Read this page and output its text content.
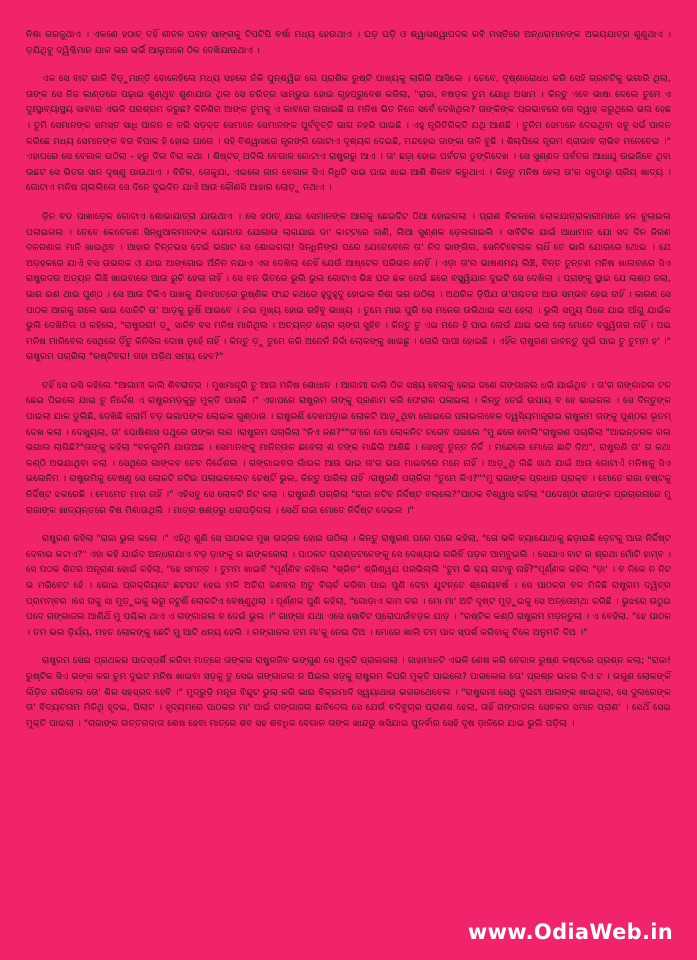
ନିଶା ଗରଜୁଥାଏ । ଏକଣେ ହଠାତ୍ ତହିଁ ଶୀତଳ ପବନ ସାଙ୍ଗକୁ ଟିପଟିପି ବର୍ଷା ମଧ୍ୟ ହେଉଥାଏ । ଘଡ଼ ଘଡ଼ି ଓ ଶ୍ୱାସଶ୍ୱାପଦକ ରବି ମସ୍ତିରେ ଅନ୍ଧରାମାନଙ୍କ ଅଭୟଯାତ୍ର ଶୁଣୁଥାଏ । ଡ଼ଯିଥିବୁ ଦ୍ୱିଗ୍ଦିମାନ ଯାକ ଭର ଭର୍ଭି ଆଲୁଅରେ ଠିକ ଦେଖିଯାଉଥାଏ ।

ଏକ ସେ ବାଟ ଗାଳି ବିଡ଼ୁମାନ୍ତି ବୋଳେହିଲେ ମଧ୍ୟ ସହରେ ନଁକି ପୁନ୍ଶ୍ୱିର ଲେ ପ୍ରାଶିକ ରୁଷ୍ଟି ପାଖ୍ୟକୁ ଲାଗିରି ଆସିଲେ । ତେବେ, ଦୃଷ୍ଣାରୋଧଧ କରି ସେହି ଗ୍ରବଟିକୁ ଭଗାରି ଥିଲା, ତାଙ୍କ ସେ ନିଜ କାଣ୍ଡରେ ପଢ଼ାଇ ଶୁଣ୍ଥୁବ ଶୁଣାଯାଉ ଥିଲ ସେ ଚରିତ୍ର ସାମ୍ଭୁଇ ହୋଇ ଗୃହପ୍ରୁବେଶ କରିଲା, "ରାଜା, ବଷଡ଼କ ତୁମ ଯୋଧି ଅସାମ । କିନ୍ତୁ ଏବେ ଭାଷା ଦେଲେ ତୁମେ ଏ ଦୁଃସ୍ଥାବ୍ୟାସ୍ଥ୍ୟ ସାବରେ ଏଭଳି ପରଶ୍ରମ କରୁଛ? କିନିଶିର ଆଙ୍କ ତୁମକୁ ଏ କାବରେ ଲଗାଇଛି ନା ମନିଷ ଭିତ ନିଜେ ସର୍ବେ ଦେଖିଥିଲ? ତାଙ୍କିଙ୍କ ପ୍ରଭାବରେ ତୋ ଦ୍ୱାହ କରୁଥିଲେ ଭଲ ହେଛ । ତୁମି ସେମାନଙ୍କ ସମସ୍ତ ସାଧି ପାଳନ ନ କରି ସଡ଼କ୍ତ ସେମାନେ ସେମାନଙ୍କ ପୁର୍ବବୃତ୍ତି ଭାଗ ନହରି ପାଇଛି । ଏହୁ ନ୍ତ୍ରିତିରିକ୍ତି ଯଥି ଆଣଛି । ତୁନିମ ସେମାନେ ଦେଇଥିବା ସବୁ ସର୍ଭ ପାଳନ କରିଛେ ମଧ୍ୟ ସେମାନଙ୍କ ବର ବିପାକ ହି ହୋଇ ପାରେ । ସହି ବିଶ୍ୱାସରେ ନ୍ତ୍ରଙ୍ଗି ଗୋଟାଏ ଦୃଶ୍ୟକ ଦେଇଛି, ମନ୍ଦହେଇ ଡାଙ୍କା ତାଳି ବୁଛି । ଶିଲ୍ପିକେ ନ୍ତ୍ରମ ଶ୍ରାଭାବ ଲାଭିବ ମନେବେଇ ।" ଏହାପରେ ସେ ବେଗାଳ ଉଠିଲା - ହରୁ ଦିଲ ବିରା କଥା । ଶିଷ୍ଟତ୍ ଅଦିଲି ବେଗାଳ ଗୋଟାଏ ରାଷ୍ଟ୍ରରୁ ଆଏ । ତା' ଛଡ଼ା ହୋଇ ପର୍ବତର ତୁଙ୍ଗିଦେଖ । ସେ ସୁଣ୍ଣଦ ପର୍ବତର ଆଧାଯୁ ଉଇଜିବେ ଥିବା ଉଛଟ ସେ ଭିତର ସାନ ଦୃଷ୍ଣୁ ପାଉଥାଏ । ବିତିଳ, ତୋକୁଯା, ଏଇଲେ ଜାନ ବେଗାଳ ସିଏ ନିଧିଟି ସାଇ ଘାଇ ଖାଇ ଆଣି ଶିକାବ କରୁଥାଏ । କିନ୍ତୁ ମନିଷ ହେଲା ତା'ର ସବୁଠାରୁ ପ୍ରିୟ ଖାଦ୍ୟ । ଗୋଟାଏ ମନିଷ ଚାଲଲିଲେ ସେ ଦିନେ ଦୁଇଦିନ ଯାଏଁ ଆଉ କୌଣସି ଆହାର ଲୋଡ଼ୁ ନଥାଏ ।

ଡ଼ିନ ବଡ ପାଖାଡ଼େକ ଗୋଟାଏ ଶୋଭାଯାତ୍ରା ଯାଉଥାଏ । ସେ ହଠାତ୍ ଯାଇ ସେମାନଙ୍କ ଆଗକୁ ଛେଇଦିଟ ଠିଆ ହୋଇଗଲା । ପ୍ରାଣ ବିକଳରେ ଲୋକଯାତ୍ରାକାରୀମାନେ ହଳ ବୁଲାଇଲ ପଳାଇଗଲ । ତେବେ କେତେଜଣ ସିନ୍ଧୁଆଳମାନଙ୍କ ଯୋଗାଉ ଯୋଗାଉ ଲାଗଯାଇ ଡା' କାଟ୍ଟରେ ଜାଣି, ଲିଆ ସୁଣ୍ଣକ ଡ଼େଲଗାଇଲି । ସାବିଟିକ ଯାଇଁ ଆଧାମାନ ଯୋ ସଦ ଦିନ ଜିରଣ ଦକରଶାକ ମାନି ଖାଇଥିବ । ଆହାର ଚିନ୍ତଭସ ଦେଇଁ ଭଗାଟ ସେ ଶୋଇଗଲା! ସିନ୍ଧିନିଙ୍ଗ ପରେ ଯେତେବେଳେ ତା' ନିଦ ଭାଙ୍ଗିଲ, ସେନିଟିବେଲକ ଋଧିଁ ତେ ଭାରି ଯୋରରେ ଥୋଇ । ଯେ ଅଡ଼ହକରେ ଯାଏଁ ବସ ଉଭରକ ଓ ଯାଇ ଆଙ୍ଗୋଇ ଅଁନିନ ନଯାଏ ଏସ ଦେଖିଲା ନେହିଁ ଯେଉଁ ଆଷ୍ଟେଳ ପରିଭଳ ନେହିଁ । ଏଡ଼ା ତା'ର ଭାଷଣମୟ ଲିଞ୍ଚି, ବିନ୍ତ ତୁନ୍ତଣ ମନିଷ ଖାଲବାରେ ସିଏ ରାଷ୍ଟ୍ରଦର ଅତ୍ୟନ ଲିଞ୍ଚି ଖାଇବାରେ ଆଉ ରୁଚି ହେଲା ନାହିଁ । ସେ ବନ ଭିତରେ ଭୁଲି ଭୁଲ ଗୋଟାଏ ଭିଞ୍ଚ ଘର ଛକ ଦେଇଁ ଛରେ ବସ୍ସ୍ୱିଯାନ ଦୁଇଟି ସେ ଦେଖିଲା । ପ୍ରାଙ୍କୁ ସ୍ଥାଇ ଯେ ଲଣ୍ଠ ଜଲା, ଭାର ଇଣ ଥାଇ ପୁଣ୍ଠ । ସେ ଆଉ ଟିକିଏ ପାଖକୁ ଯିବାମାତ୍ରେ ରୁଷ୍ଣିକ ଫାନ୍ଦ କଥରେ ହୁଦୁହୁଦୁ ହୋଇଲ ନିଶୀ ଭର ଉଠିଲା । ଅଥରିକ ଡ଼ିପିଯ ତା'ପଶ୍ଚତର ଆଉ ସମ୍ଭବ ହେଇ ନାହିଁ । କାରଣ ସେ ପାଠକ ଆଗକୁ ଗଲେ ଭାଇ ସୋନିଟି ତା' ଆଡ଼କୁ ରୁଷିଁ ଆଇବେ । ନଇ ମୁଖ୍ୟ ହୋଇ ରହିବୁ ଭାଖ୍ୟ । ତୁମେ ମାଇ ପୁରି ସେ ମନେର ଉଭିଥାଇ କଥ ହେଲା । ଭୁଲି ସମ୍ୟୁ ପିରେ ଯାଇ ଆଁଗୁ ଯାଇଁକ ଭୁଲି ଦେଖିନିଲ ଓ କହିଲେ, "ରାଷ୍ଟ୍ରରା! ଡ଼ୁ ସାନିବ ବସ ମନିଷ ମାରିଥିଲ । ଅତ୍ୟନ୍ତ ଚୋର ଚାଙ୍ଗ ସୁହିବ । କିନ୍ତୁ ତୁ ଏଇ ମନେ ହି ପାଇ ଲେଉଁ ଯାଇ ଭଲ ଲୋ ମୋତେ ବସ୍ସ୍ୱିତାର ନାହିଁ । ପଇ ମନିଷ ମାରିବେଲ ସେଥିରେ ଡ଼ିଁତୁ କିନିସିର ଦୋଷ ନୁହେଁ ନାହିଁ । କିନ୍ତୁ ଡ଼ୁ ତୁମେ କରି ଅନେନଁ ନିଦାଁ ଲୋକଙ୍କୁ ଖାଇଛୁ । ତୋରି ପାପୀ ହୋଇଛି । ଏହିଁକ ରାଷ୍ଟ୍ରଣ ଜାବନ୍ତୁ ପୁଇଁ ପାଇ ତୁ ତୁମ୍ମ ହ' ।" ରାଷ୍ଟ୍ରମ ପଚାରିଲା "ରଷ୍ଟିବରା! ତାହା ଅଡ଼ିଥ ସମ୍ୟ ହେବ?"

ତହିଁ ସେ ରସି କହିଲେ "ଆଗାମୀ କାଲି ଶିବରାତ୍ର । ମୁଖମାନ୍ତ୍ରି ତୁ ଆଉ ମନିଷ ଶୋଧାନ । ଆଗାମୀ କାଲି ଠିକ ସଞ୍ଚ୍ୟ ବେଲକୁ କେଇ ଜଣେ ଗଙ୍ଗାଜଲ ଧରି ଯାଇଁଥିବ । ତା'ର ଗଙ୍ଗାଜଲ ଟକ ଛେଇ ପିଇଲେ ଯାଇ ତୁ ନିର୍ଦ୍ଦେଶ ଏ ରାଷ୍ଟ୍ରମଡ଼କୁରୁ ମୁକ୍ତି ପାଉଛି ।" ଏହାପରେ ରାଷ୍ଟ୍ରମ ତାଙ୍କୁ ପ୍ରଣାମ କରି ଫେରାଗ ପଳାଇଲା । କିନ୍ତୁ ତେଇଁ ଉପାୟ ବ ହେ ଭାଇଗଲ । ସେ ଦିନ୍ତୁଙ୍କ ପାଇଲା ଯାକ ଡୁଲିଛି, ଦେଖିଛି ଗ୍ରାମିଁ ବଡ଼ ଭଗାପଙ୍କ ଲୋଇକ ଗୁଣ୍ଠାଉ । ରାଷ୍ଟ୍ରଣିଁ ଦେଖପଡ଼ାଇ ଲୋକଟି ଆଡ଼ୁଥିବା ଗୋଇରେ ପଳାଇଲବେଳ ଦ୍ୱସ୍ୟିମାନ୍ତ୍ରାଇ ରାଷ୍ଟ୍ରମ ତାଙ୍କୁ ପୁଣ୍ଠରା ଭୂତମ୍ ଦେଖ କଲା । ଦେଖ୍ୟୁଲା, ତା' ପୋଷିଣାସ ପଥୁରେ ତାଙ୍କା ଲଗ ।ରାଷ୍ଟ୍ରମ ପଚାରିଲା "ନିଏ ଜଣ?""ତା'ରେ ମୋ ଲୋକନିଟ ତରେବ ପଇଲେ "ମୁ ଛରେ ବୋଲି"ରାଷ୍ଟ୍ରଣ ପଚାରିଲା "ଆଇନ୍ତରକ ଗଲ ଭଗାଲ ଲାଗିଛି?"ତାଙ୍କୁ କହିଲା "ବଳକୁନିମି ଯାଉଅଛ । ସେମାନଙ୍କୁ ମାନିନ୍ତାକ ଛବେଲା ଶ ତଙ୍କ ମାଛିଲି ଆଣିଛି । ସେସବୁ ତୁନ୍ତ ନିର୍ଦ୍ଦି । ମନ୍ଦେଲେ ମୋଜେ ଛାଟି ଦିଅ", ରାଷ୍ଟ୍ରଣି ତା' ଗ କଥା କଣ୍ଠି ଅଭଯାଥିବା କଲା । ସେଥିରେ ଗାଙ୍କବ ତେଚ ନିର୍ଦ୍ଦେଶଲ । ଗଙ୍ଗାଇବର ଗାଁଇକ ଆଉ ଭାଇ ତା'ର ଭଉ ମାଇବରେ ମନେ ନାହିଁ । ଆଡ଼ୁଥି ଲିଛି ସାଥ ଯାଇଁ ଆଉ ଗୋଟାଏଁ ମନିଷକୁ ସିଏ ଭଲେନିମ । ରାଷ୍ଟ୍ରମିକୁ ବେଷ୍ଣୁ ସେ ଲୋକଟି ନଟିଇ ପଲାଇକଲେବ ଚେଷ୍ଟିଁ ଭୁଲ, କିନ୍ତୁ ପାରିଲା ନାହିଁ ।ରାଷ୍ଟ୍ରଣି ପଚାରିଲା "ତୁମେ କିଏ?""ମୁ ରାଜାଙ୍କ ପ୍ରଧାନ ପ୍ରାକ୍ବ । ମୋତେ ରାଜା ବଷ୍ଟକୁ ନିର୍ଦ୍ଦିଷ୍ଟ ଝକରେଛି । ମୋମେତ ମାର ନାହିଁ ।" ଏହିସବୁ ସେ ଲୋକଟି ନିଟ କଲା । ରାଷ୍ଟ୍ରଣି ପଚାରିଲା "ରାଜା ନଟିବ ନିର୍ଦ୍ଦିଷ୍ଟ ବଲଲେ?"ପାଠକ ବିଶ୍ୱାସ କହିଲା "ପଦେଣ୍ଠା ରାଜାଙ୍କ ପ୍ରଚାରନାରେ ମୁ ରାଜାଙ୍କ ଖାଦ୍ୟନ୍ତରେ ବିଷ ମିଶାଉଥିଲି । ମାତ୍ର ଷଣ୍ଡରୁ ଧରାପଡ଼ିଗଲା । ସେଥିଁ ରାଜା ମୋତେ ନିର୍ଦ୍ଦିଷ୍ଟ ଦେଇଲ ।"

ରାଷ୍ଟ୍ରଣ କହିଲା "ରାଜା ଭୁଲ କଲେ ।" ଏହିଥି ଶୁଣି ସେ ପାଠକର ମୁଖ ଉଜ୍ଜଳ ହୋଇ ଉଠିଲା । କିନ୍ତୁ ରାଷ୍ଟ୍ରଣ ପରେ ପରେ କହିଲା, "ତୋ ଭଳି ବ୍ୟାଯୋଥାକୁ ଛଡ଼ାଇଛି ଡ଼େଟକୁ ଆଉ ନିର୍ଦ୍ଦିଷ୍ଟ ଦେବାଇ କଟାଏ?" ଏହା କହି ଯାଇଁଦ ଅନ୍ଧରାଯାଏ ବଡ଼ ଡ଼ାଙ୍କୁ ର ଛାଙ୍କରେଲା । ପାଠକଟ ପ୍ରାଣ୍ଡଟଚେଙ୍କୁ ସେ ଦେଖ୍ୟାଇ ଗରିବିଁ ପଡ଼କ ଆମ୍ବୁଇଲି । ସେଯାଏ ବାଟ ର ଶ୍ରଥା ମୋଁଟି ହାମ୍ବ । ସେ ପଠକ ଶିତର ଅନ୍ତ୍ରାଣ ହୋଇଁ କହିଲା, "ହେ ସମନ୍ତ । ତୁମମ ଖାଇବଁ "ପୂର୍ଣ୍ଣିବ କହିଲେ "ଶ୍ରିତ" ଶ୍ରିଶ୍ୱଯ ପରଭିଲ୍ଲି "ତୁମ ଭି କ୍ୟ ଗଟାବୁ ନାହିଁ?"ପୂର୍ଣ୍ଣକ କହିଲ "ଡ଼ା' । ବ ନିକେ ନ ନିଟ ଭ ମରିବେଟ ହେଁ । ଭୋଇ ପ୍ରକ୍ରିୟଟେ ଛଟପଟ ହେଇ ମଳି ଅଚିରା ଜଣବର ଅଟୁ ବିଚାର୍ଚ କରିବା ପାଇ ପୁଣି ଦେବା ଯୁଟନ୍ତେ ଶ୍ରେୟବର୍ଷ । ସେ ପାଠକର ବଳ ମିଳିଛି ରାଷ୍ଟ୍ରମ ଦ୍ୱିତ୍ର ପ୍ରମମ୍ବର ।ସେ ତାକୁ ସା ମୁଡ଼ୁଇକୁ ଭରୁ ନଟୁଣିଁ ଲୋକଟିଏ ବେଷ୍ଣୁଥିଲା । ପୂର୍ଣ୍ଣକ ପୁଣି କହିଲା, "ଗୋଡ଼ାଏ କାମ କର । ମୋ ମା' ଅଟି ଦୃଷ୍ଟ ମୁଡ଼ୁଇକୁ ସେ ଅନ୍ତୋମ୍ଥା କରିଛି । ଭୁଝରେ ଉଠୁଇ ପଦେ ଗଙ୍ଗାଜଲ ଆଣିଥିଁ ମୁ ପଶ୍ଚିକା ଥାଏ ଏ ଗଙ୍ଗାଜଲ ବ ଦେଇଁ ଭୁଲ ।" ଗାଙ୍ଗା ଯଥା ଏସେ ସୋବିଟ ପ୍ରୋପାଉଁବଡ଼କ ଯାଡ଼ । "ରଷ୍ଟିକ କଣ୍ଠି ରାଷ୍ଟ୍ରମ ମଡ଼ନ୍ତୁଲା । ଏ ବେହିଲା, "ହେ ପାଠକ । ତମ ଭଲ ଡ଼ିର୍ଯ୍ୟ, ମହତ ଲୋକଙ୍କୁ ଛେଟି ମୁ ଆଟି ଧନ୍ୟ ହେଲି । ଗଙ୍ଗାଜଲ ତମ ମା'କୁ ନେଇ ଦିଅ । ମୋରେ ଖାଲି ତମ ପାଦ ସ୍ପର୍ଶ କରିବାକୁ ଟିକେ ଅନୁମତି ଦିଅ ।"

ରାଷ୍ଟ୍ରମ ସେଇ ପ୍ରଥକର ପାଦସ୍ପର୍ଶି କରିବା ମାତ୍ରେ ତାଙ୍କର ରାଷ୍ଟ୍ରଜିବ ଭଙ୍ଗୁଣ ସେ ମୁକ୍ତି ପ୍ରାଲଗଲା । ଜାହାମାନଟି ଏଭଳି ଶେଷ କରି ବେଗାଳ ରୁଷ୍ଣ କଷ୍ଟରେ ପ୍ରଶ୍ନ କଲା; "ରାଜା! ରୁଷ୍ଟିକ ସିଏ ଭଙ୍ଗ କର ଚୁମ ଦୁଇଟ ମନିଷ ଖାଇବା ସଡ଼କୁ ତୁ ସେଇ ଗଙ୍ଗାଜଲ ନ ପିଇଲ ସଡ଼କୁ ରାଷ୍ଟ୍ରମ କିପରି ମୁକ୍ତି ପାଇଲେ? ପାରଲେଲ ତୋ' ପ୍ରଶ୍ନ ଭକର ଦିଏ ଟ । ଭଗୁଣ ଲୋକଙ୍କିଁ ଲିଁଡ଼ିତ ଗରିବେଲ ତୋ' ଶିର ସହସ୍ରଦ ହେବି ।" ମୁଦ୍ରୁଡ଼ି ମନ୍ତ୍ର ବିନ୍ଦୁଟ ଭୁଲା କରି ଭାଇ ବିକ୍ରମାଦି ସ୍ୱୟାଥାଉ ଭଗରଥେବେଲ । "ରାଷ୍ଟ୍ରମୀ ସେଥି ଦୁଇଟୀ ଆଲଙ୍କ ଖାଇଥିଲା, ସେ ଦୁଲରେଙ୍କ ତା' ବିଦ୍ୟତନାମ ମିଳିଥି ହୃଦଇ, ପିଲାଟ । ହୃଦ୍ୟମରେ ପାଠକର ମା' ପାଇଁ ଗଙ୍ଗାଜଲ ଛାବିଦେଲ ସେ ଯେଉଁ ବଦିବୁଚାର ପ୍ରାଣଶ ହେଲା, ତାହିଁ ଗଙ୍ଗାଜଲ ସେବକର ସମାନ ପ୍ରାଣ' । ସେଥିଁ ସେଇ ମୁକ୍ତି ପାଇଲା । "ରାଜାଙ୍କ ଉତ୍ତରଦାତା ଶେଷ ହେବା ମାତ୍ରେ ଶବ ସହ ଶବଧିକ ବେଗାଳ ତାଙ୍କ ଖାନ୍ଦରୁ ଖସିଯାଇ ପୁନର୍ବାର ସେହି ଦୃଷ ଡ଼ାଳିରେ ଯାଇ ଭୁଲି ପଡ଼ିଲା ।

www.OdiaWeb.in
